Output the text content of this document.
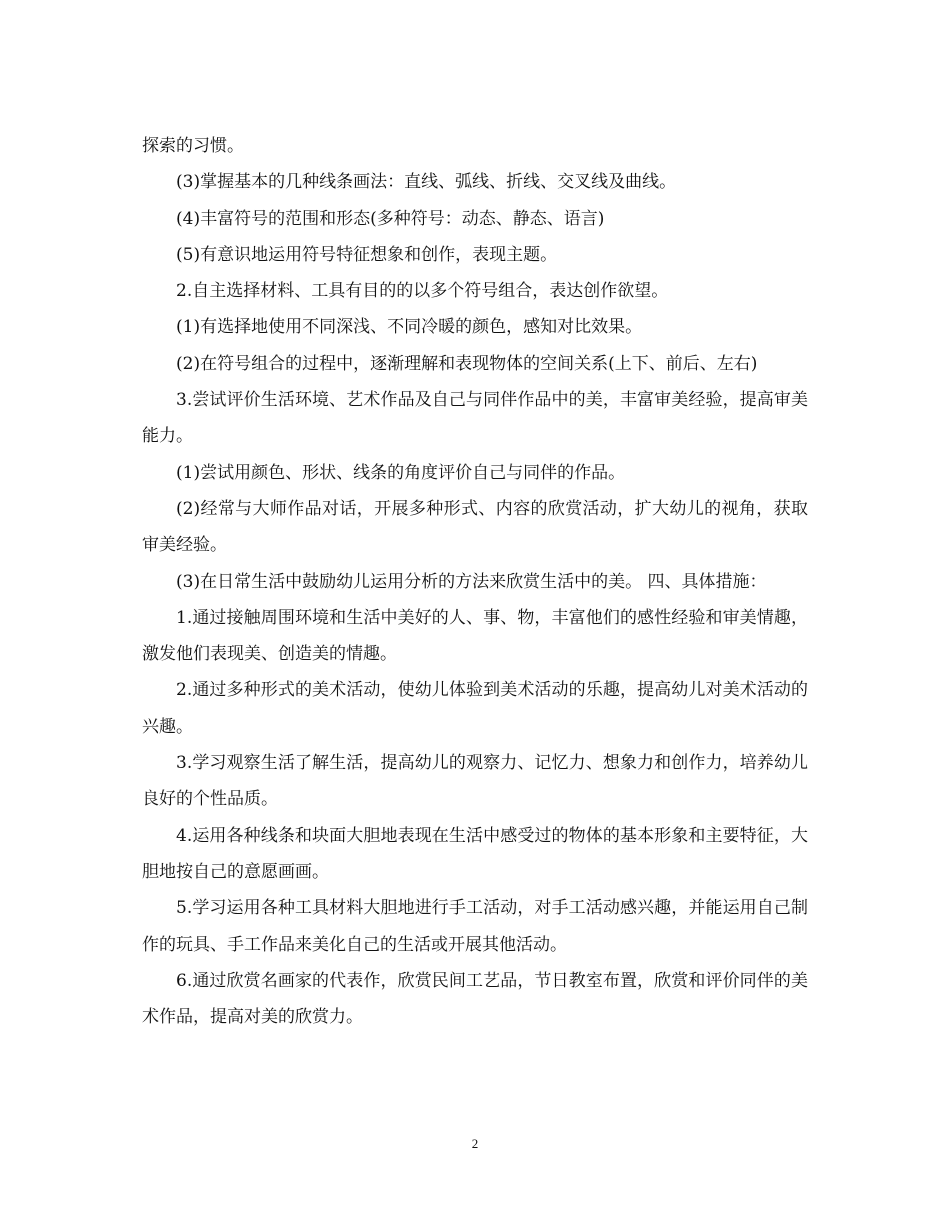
探索的习惯。

(3)掌握基本的几种线条画法：直线、弧线、折线、交叉线及曲线。

(4)丰富符号的范围和形态(多种符号：动态、静态、语言)

(5)有意识地运用符号特征想象和创作，表现主题。

2.自主选择材料、工具有目的的以多个符号组合，表达创作欲望。

(1)有选择地使用不同深浅、不同冷暖的颜色，感知对比效果。

(2)在符号组合的过程中，逐渐理解和表现物体的空间关系(上下、前后、左右)

3.尝试评价生活环境、艺术作品及自己与同伴作品中的美，丰富审美经验，提高审美能力。

(1)尝试用颜色、形状、线条的角度评价自己与同伴的作品。

(2)经常与大师作品对话，开展多种形式、内容的欣赏活动，扩大幼儿的视角，获取审美经验。

(3)在日常生活中鼓励幼儿运用分析的方法来欣赏生活中的美。 四、具体措施：

1.通过接触周围环境和生活中美好的人、事、物，丰富他们的感性经验和审美情趣，激发他们表现美、创造美的情趣。

2.通过多种形式的美术活动，使幼儿体验到美术活动的乐趣，提高幼儿对美术活动的兴趣。

3.学习观察生活了解生活，提高幼儿的观察力、记忆力、想象力和创作力，培养幼儿良好的个性品质。

4.运用各种线条和块面大胆地表现在生活中感受过的物体的基本形象和主要特征，大胆地按自己的意愿画画。

5.学习运用各种工具材料大胆地进行手工活动，对手工活动感兴趣，并能运用自己制作的玩具、手工作品来美化自己的生活或开展其他活动。

6.通过欣赏名画家的代表作，欣赏民间工艺品，节日教室布置，欣赏和评价同伴的美术作品，提高对美的欣赏力。

2
